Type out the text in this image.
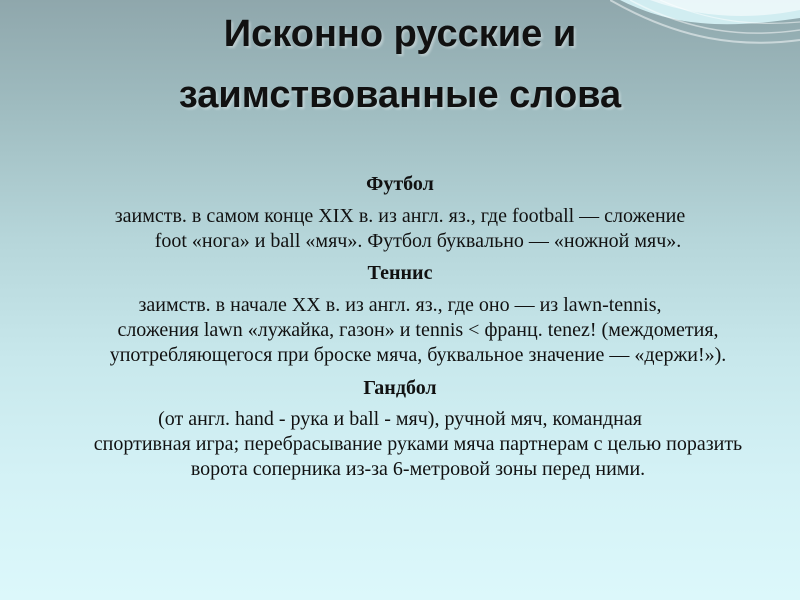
Исконно русские и
заимствованные слова
Футбол
заимств. в самом конце XIX в. из англ. яз., где football — сложение
foot «нога» и ball «мяч». Футбол буквально — «ножной мяч».
Теннис
заимств. в начале XX в. из англ. яз., где оно — из lawn-tennis,
сложения lawn «лужайка, газон» и tennis < франц. tenez! (междометия, употребляющегося при броске мяча, буквальное значение — «держи!»).
Гандбол
(от англ. hand - рука и ball - мяч), ручной мяч, командная
спортивная игра; перебрасывание руками мяча партнерам с целью поразить ворота соперника из-за 6-метровой зоны перед ними.
